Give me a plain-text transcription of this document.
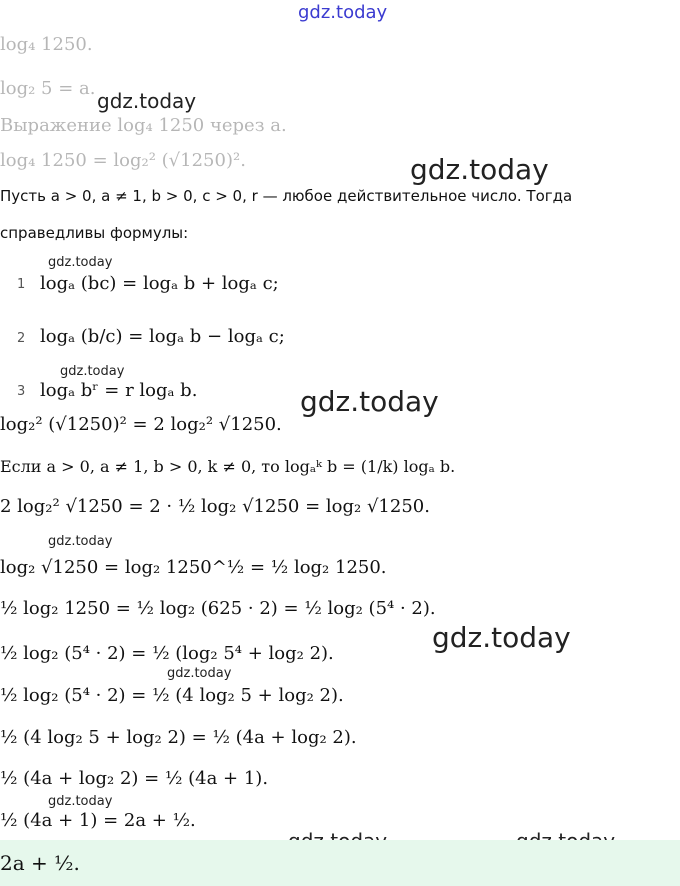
gdz.today
gdz.today
gdz.today
gdz.today
gdz.today
gdz.today
gdz.today
gdz.today
gdz.today
gdz.today
log₄ 1250.
log₂ 5 = a.
Выражение log₄ 1250 через a.
log₄ 1250 = log₂² (√1250)².
Пусть a > 0, a ≠ 1, b > 0, c > 0, r — любое действительное число. Тогда
справедливы формулы:
1 logₐ (bc) = logₐ b + logₐ c;
2 logₐ (b/c) = logₐ b − logₐ c;
3 logₐ bʳ = r logₐ b.
log₂² (√1250)² = 2 log₂² √1250.
Если a > 0, a ≠ 1, b > 0, k ≠ 0, то logₐᵏ b = (1/k) logₐ b.
2 log₂² √1250 = 2 · ½ log₂ √1250 = log₂ √1250.
log₂ √1250 = log₂ 1250^½ = ½ log₂ 1250.
½ log₂ 1250 = ½ log₂ (625 · 2) = ½ log₂ (5⁴ · 2).
½ log₂ (5⁴ · 2) = ½ (log₂ 5⁴ + log₂ 2).
½ log₂ (5⁴ · 2) = ½ (4 log₂ 5 + log₂ 2).
½ (4 log₂ 5 + log₂ 2) = ½ (4a + log₂ 2).
½ (4a + log₂ 2) = ½ (4a + 1).
½ (4a + 1) = 2a + ½.
2a + ½.
